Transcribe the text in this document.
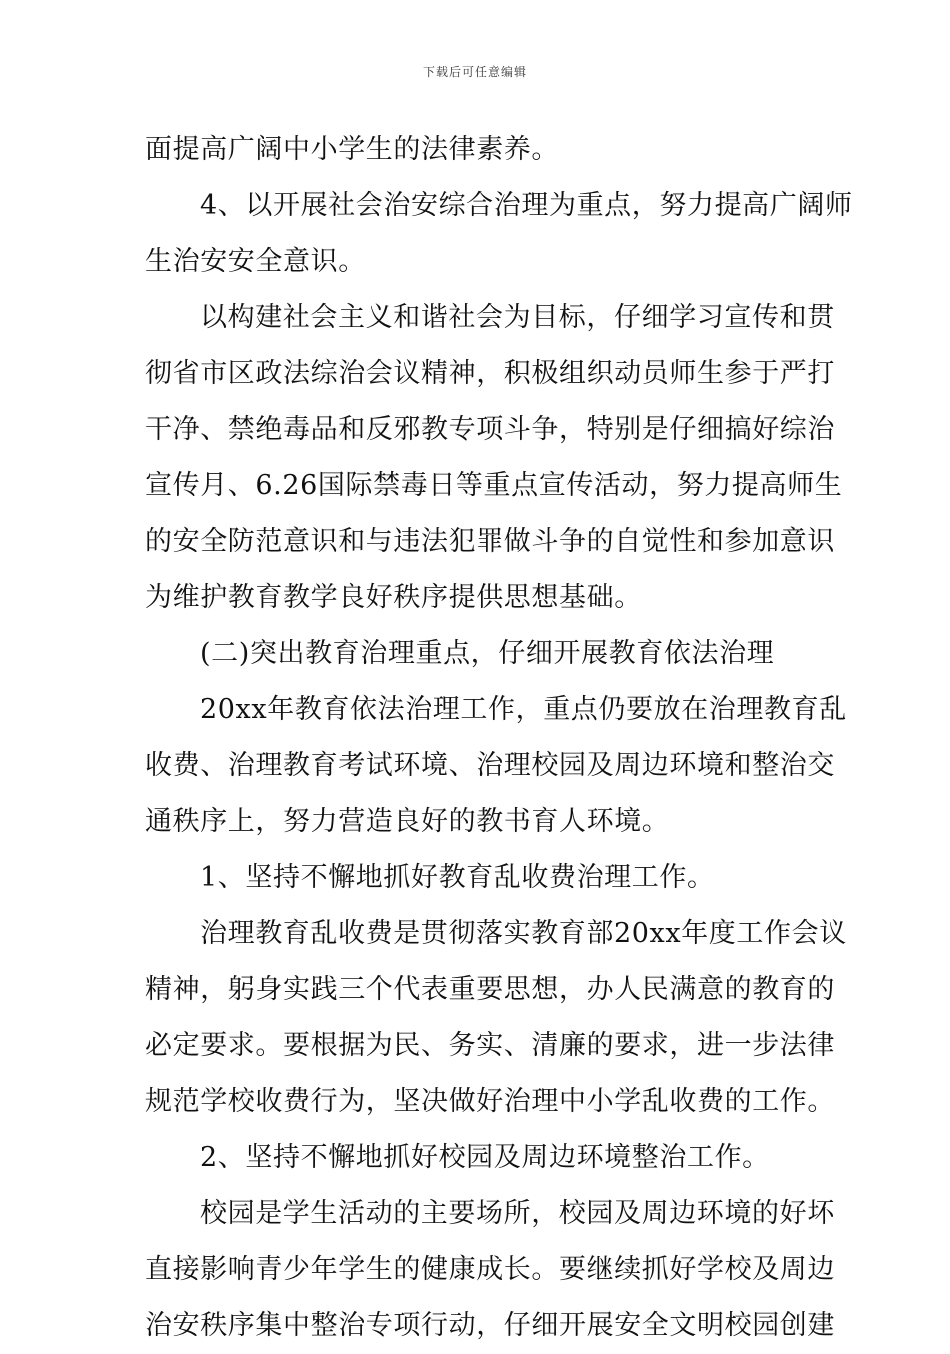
下载后可任意编辑
面提高广阔中小学生的法律素养。
4、以开展社会治安综合治理为重点，努力提高广阔师
生治安安全意识。
以构建社会主义和谐社会为目标，仔细学习宣传和贯
彻省市区政法综治会议精神，积极组织动员师生参于严打
干净、禁绝毒品和反邪教专项斗争，特别是仔细搞好综治
宣传月、6.26国际禁毒日等重点宣传活动，努力提高师生
的安全防范意识和与违法犯罪做斗争的自觉性和参加意识
为维护教育教学良好秩序提供思想基础。
(二)突出教育治理重点，仔细开展教育依法治理
20xx年教育依法治理工作，重点仍要放在治理教育乱
收费、治理教育考试环境、治理校园及周边环境和整治交
通秩序上，努力营造良好的教书育人环境。
1、坚持不懈地抓好教育乱收费治理工作。
治理教育乱收费是贯彻落实教育部20xx年度工作会议
精神，躬身实践三个代表重要思想，办人民满意的教育的
必定要求。要根据为民、务实、清廉的要求，进一步法律
规范学校收费行为，坚决做好治理中小学乱收费的工作。
2、坚持不懈地抓好校园及周边环境整治工作。
校园是学生活动的主要场所，校园及周边环境的好坏
直接影响青少年学生的健康成长。要继续抓好学校及周边
治安秩序集中整治专项行动，仔细开展安全文明校园创建
